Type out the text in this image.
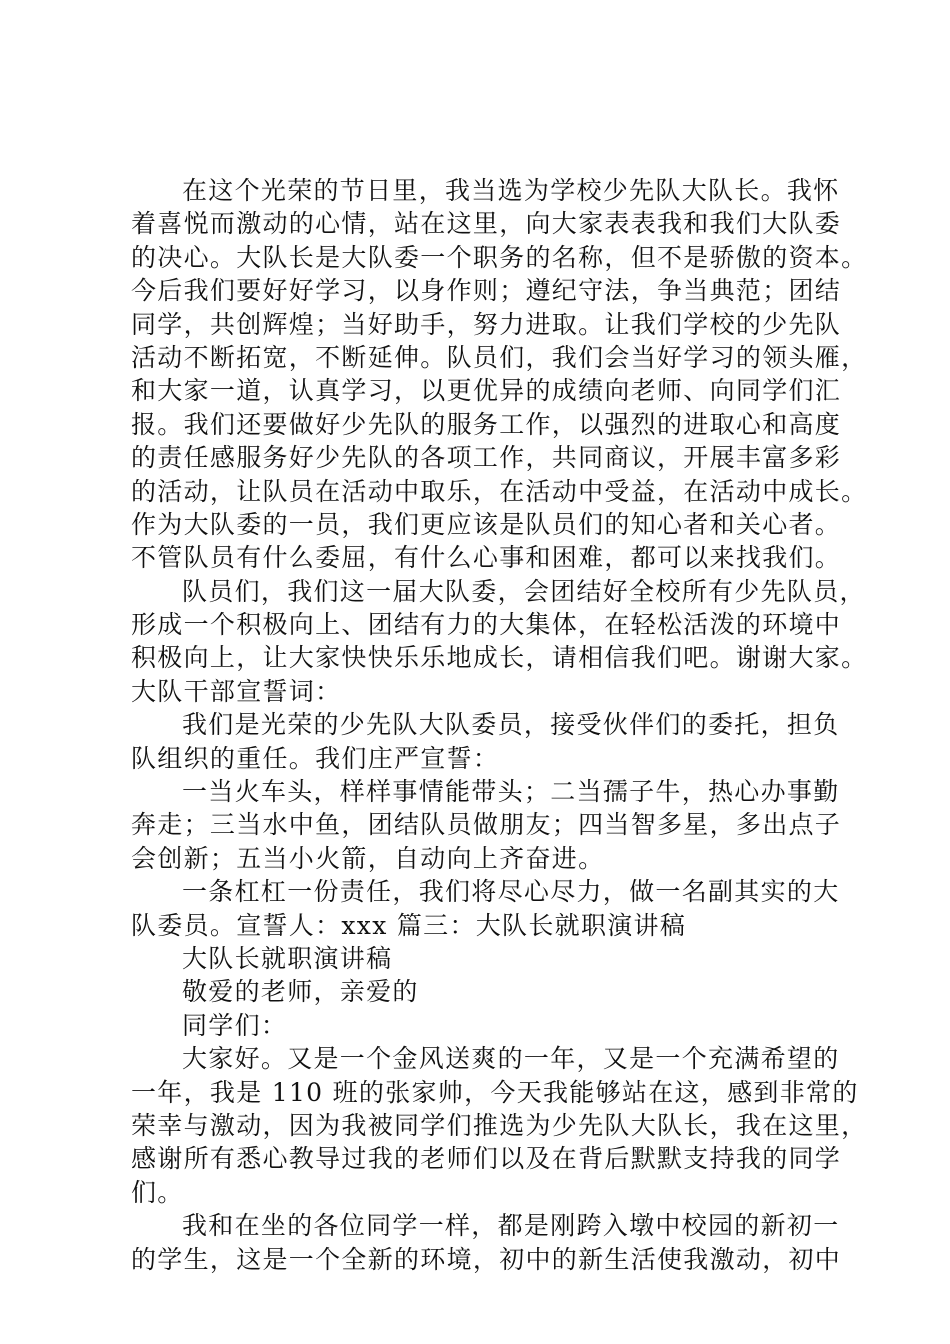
在这个光荣的节日里，我当选为学校少先队大队长。我怀
着喜悦而激动的心情，站在这里，向大家表表我和我们大队委
的决心。大队长是大队委一个职务的名称，但不是骄傲的资本。
今后我们要好好学习，以身作则；遵纪守法，争当典范；团结
同学，共创辉煌；当好助手，努力进取。让我们学校的少先队
活动不断拓宽，不断延伸。队员们，我们会当好学习的领头雁，
和大家一道，认真学习，以更优异的成绩向老师、向同学们汇
报。我们还要做好少先队的服务工作，以强烈的进取心和高度
的责任感服务好少先队的各项工作，共同商议，开展丰富多彩
的活动，让队员在活动中取乐，在活动中受益，在活动中成长。
作为大队委的一员，我们更应该是队员们的知心者和关心者。
不管队员有什么委屈，有什么心事和困难，都可以来找我们。
队员们，我们这一届大队委，会团结好全校所有少先队员，
形成一个积极向上、团结有力的大集体，在轻松活泼的环境中
积极向上，让大家快快乐乐地成长，请相信我们吧。谢谢大家。
大队干部宣誓词：
我们是光荣的少先队大队委员，接受伙伴们的委托，担负
队组织的重任。我们庄严宣誓：
一当火车头，样样事情能带头；二当孺子牛，热心办事勤
奔走；三当水中鱼，团结队员做朋友；四当智多星，多出点子
会创新；五当小火箭，自动向上齐奋进。
一条杠杠一份责任，我们将尽心尽力，做一名副其实的大
队委员。宣誓人：xxx 篇三：大队长就职演讲稿
大队长就职演讲稿
敬爱的老师，亲爱的
同学们：
大家好。又是一个金风送爽的一年，又是一个充满希望的
一年，我是 110 班的张家帅，今天我能够站在这，感到非常的
荣幸与激动，因为我被同学们推选为少先队大队长，我在这里，
感谢所有悉心教导过我的老师们以及在背后默默支持我的同学
们。
我和在坐的各位同学一样，都是刚跨入墩中校园的新初一
的学生，这是一个全新的环境，初中的新生活使我激动，初中
